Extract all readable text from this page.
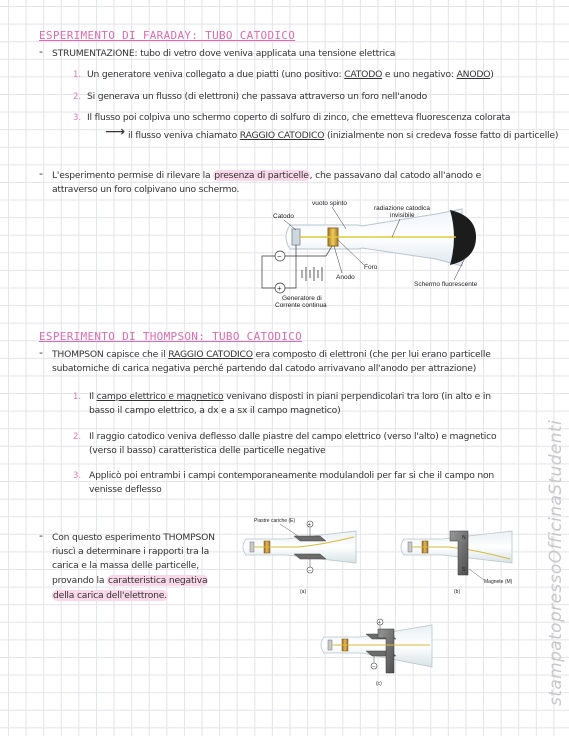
ESPERIMENTO DI FARADAY: TUBO CATODICO
- STRUMENTAZIONE: tubo di vetro dove veniva applicata una tensione elettrica
1. Un generatore veniva collegato a due piatti (uno positivo: CATODO e uno negativo: ANODO)
2. Si generava un flusso (di elettroni) che passava attraverso un foro nell'anodo
3. Il flusso poi colpiva uno schermo coperto di solfuro di zinco, che emetteva fluorescenza colorata
⟶ il flusso veniva chiamato RAGGIO CATODICO (inizialmente non si credeva fosse fatto di particelle)
- L'esperimento permise di rilevare la presenza di particelle, che passavano dal catodo all'anodo e
attraverso un foro colpivano uno schermo.
Catodo
vuoto spinto
radiazione catodica
invisibile
Foro
Anodo
Schermo fluorescente
−
+
Generatore di
Corrente continua
ESPERIMENTO DI THOMPSON: TUBO CATODICO
- THOMPSON capisce che il RAGGIO CATODICO era composto di elettroni (che per lui erano particelle
subatomiche di carica negativa perché partendo dal catodo arrivavano all'anodo per attrazione)
1. Il campo elettrico e magnetico venivano disposti in piani perpendicolari tra loro (in alto e in
basso il campo elettrico, a dx e a sx il campo magnetico)
2. Il raggio catodico veniva deflesso dalle piastre del campo elettrico (verso l'alto) e magnetico
(verso il basso) caratteristica delle particelle negative
3. Applicò poi entrambi i campi contemporaneamente modulandoli per far si che il campo non
venisse deflesso
- Con questo esperimento THOMPSON
riuscì a determinare i rapporti tra la
carica e la massa delle particelle,
provando la caratteristica negativa
della carica dell'elettrone.
+
−
Piastre cariche (E)
(a)
N
S
Magnete (M)
(b)
+
−
(c)	stampatopressoOfficinaStudenti
